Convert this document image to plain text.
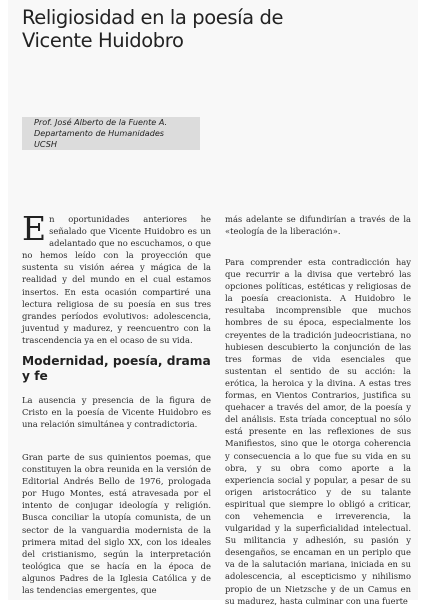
Religiosidad en la poesía de Vicente Huidobro
Prof. José Alberto de la Fuente A.
Departamento de Humanidades
UCSH
E n oportunidades anteriores he señalado que Vicente Huidobro es un adelantado que no escuchamos, o que no hemos leído con la proyección que sustenta su visión aérea y mágica de la realidad y del mundo en el cual estamos insertos. En esta ocasión compartiré una lectura religiosa de su poesía en sus tres grandes períodos evolutivos: adolescencia, juventud y madurez, y reencuentro con la trascendencia ya en el ocaso de su vida.

Modernidad, poesía, drama y fe

La ausencia y presencia de la figura de Cristo en la poesía de Vicente Huidobro es una relación simultánea y contradictoria.

Gran parte de sus quinientos poemas, que constituyen la obra reunida en la versión de Editorial Andrés Bello de 1976, prologada por Hugo Montes, está atravesada por el intento de conjugar ideología y religión. Busca conciliar la utopía comunista, de un sector de la vanguardia modernista de la primera mitad del siglo XX, con los ideales del cristianismo, según la interpretación teológica que se hacía en la época de algunos Padres de la Iglesia Católica y de las tendencias emergentes, que

más adelante se difundirían a través de la «teología de la liberación».

Para comprender esta contradicción hay que recurrir a la divisa que vertebró las opciones políticas, estéticas y religiosas de la poesía creacionista. A Huidobro le resultaba incomprensible que muchos hombres de su época, especialmente los creyentes de la tradición judeocristiana, no hubiesen descubierto la conjunción de las tres formas de vida esenciales que sustentan el sentido de su acción: la erótica, la heroica y la divina. A estas tres formas, en Vientos Contrarios, justifica su quehacer a través del amor, de la poesía y del análisis. Esta tríada conceptual no sólo está presente en las reflexiones de sus Manifiestos, sino que le otorga coherencia y consecuencia a lo que fue su vida en su obra, y su obra como aporte a la experiencia social y popular, a pesar de su origen aristocrático y de su talante espiritual que siempre lo obligó a criticar, con vehemencia e irreverencia, la vulgaridad y la superficialidad intelectual. Su militancia y adhesión, su pasión y desengaños, se encaman en un periplo que va de la salutación mariana, iniciada en su adolescencia, al escepticismo y nihilismo propio de un Nietzsche y de un Camus en su madurez, hasta culminar con una fuerte
